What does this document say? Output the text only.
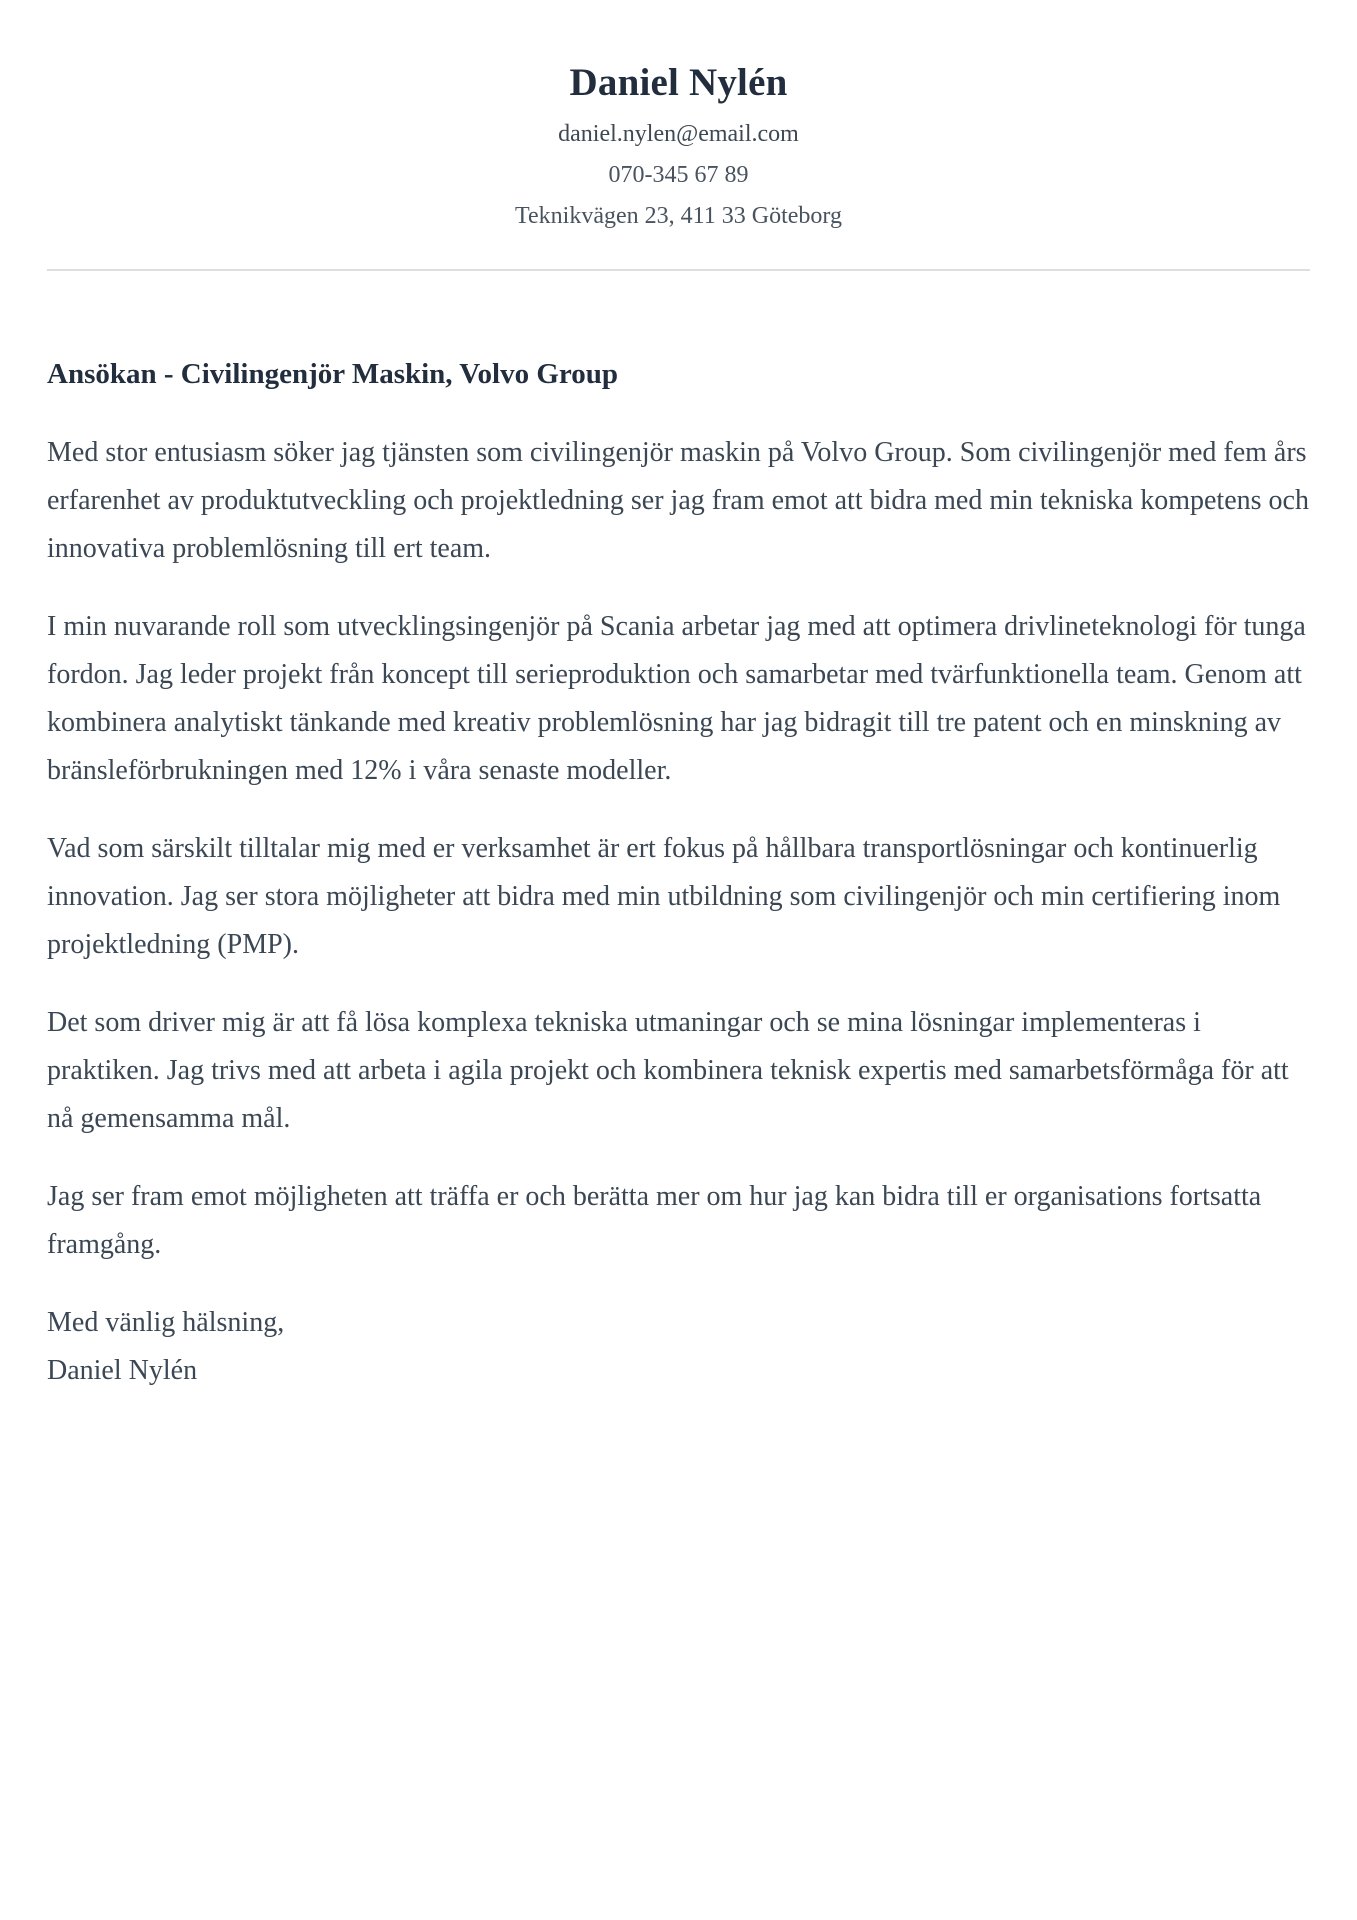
Daniel Nylén
daniel.nylen@email.com
070-345 67 89
Teknikvägen 23, 411 33 Göteborg
Ansökan - Civilingenjör Maskin, Volvo Group

Med stor entusiasm söker jag tjänsten som civilingenjör maskin på Volvo Group. Som civilingenjör med fem års erfarenhet av produktutveckling och projektledning ser jag fram emot att bidra med min tekniska kompetens och innovativa problemlösning till ert team.

I min nuvarande roll som utvecklingsingenjör på Scania arbetar jag med att optimera drivlineteknologi för tunga fordon. Jag leder projekt från koncept till serieproduktion och samarbetar med tvärfunktionella team. Genom att kombinera analytiskt tänkande med kreativ problemlösning har jag bidragit till tre patent och en minskning av bränsleförbrukningen med 12% i våra senaste modeller.

Vad som särskilt tilltalar mig med er verksamhet är ert fokus på hållbara transportlösningar och kontinuerlig innovation. Jag ser stora möjligheter att bidra med min utbildning som civilingenjör och min certifiering inom projektledning (PMP).

Det som driver mig är att få lösa komplexa tekniska utmaningar och se mina lösningar implementeras i praktiken. Jag trivs med att arbeta i agila projekt och kombinera teknisk expertis med samarbetsförmåga för att nå gemensamma mål.

Jag ser fram emot möjligheten att träffa er och berätta mer om hur jag kan bidra till er organisations fortsatta framgång.

Med vänlig hälsning,
Daniel Nylén
